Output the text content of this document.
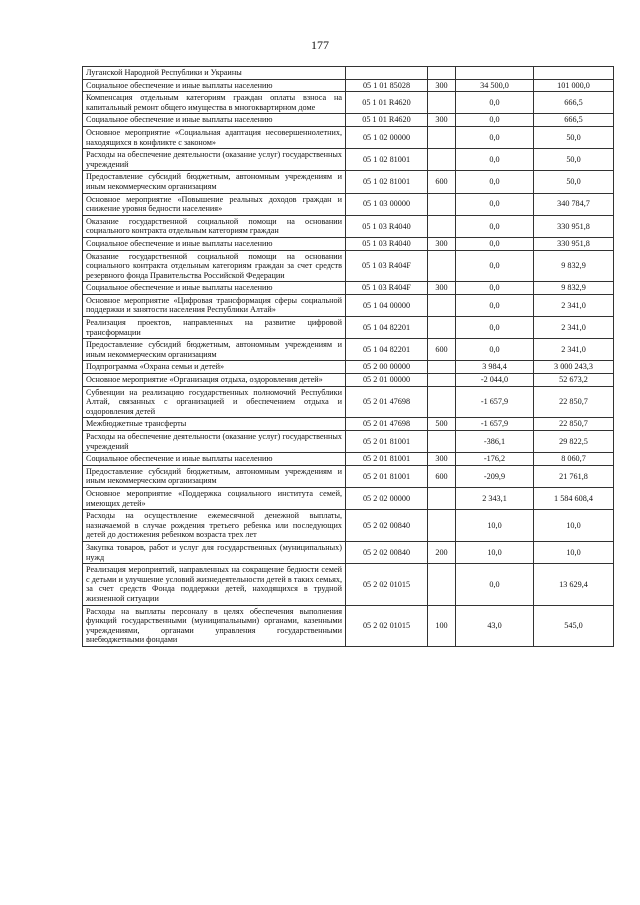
177
Луганской Народной Республики и Украины				
Социальное обеспечение и иные выплаты населению	05 1 01 85028	300	34 500,0	101 000,0
Компенсация отдельным категориям граждан оплаты взноса на капитальный ремонт общего имущества в многоквартирном доме	05 1 01 R4620		0,0	666,5
Социальное обеспечение и иные выплаты населению	05 1 01 R4620	300	0,0	666,5
Основное мероприятие «Социальная адаптация несовершеннолетних, находящихся в конфликте с законом»	05 1 02 00000		0,0	50,0
Расходы на обеспечение деятельности (оказание услуг) государственных учреждений	05 1 02 81001		0,0	50,0
Предоставление субсидий бюджетным, автономным учреждениям и иным некоммерческим организациям	05 1 02 81001	600	0,0	50,0
Основное мероприятие «Повышение реальных доходов граждан и снижение уровня бедности населения»	05 1 03 00000		0,0	340 784,7
Оказание государственной социальной помощи на основании социального контракта отдельным категориям граждан	05 1 03 R4040		0,0	330 951,8
Социальное обеспечение и иные выплаты населению	05 1 03 R4040	300	0,0	330 951,8
Оказание государственной социальной помощи на основании социального контракта отдельным категориям граждан за счет средств резервного фонда Правительства Российской Федерации	05 1 03 R404F		0,0	9 832,9
Социальное обеспечение и иные выплаты населению	05 1 03 R404F	300	0,0	9 832,9
Основное мероприятие «Цифровая трансформация сферы социальной поддержки и занятости населения Республики Алтай»	05 1 04 00000		0,0	2 341,0
Реализация проектов, направленных на развитие цифровой трансформации	05 1 04 82201		0,0	2 341,0
Предоставление субсидий бюджетным, автономным учреждениям и иным некоммерческим организациям	05 1 04 82201	600	0,0	2 341,0
Подпрограмма «Охрана семьи и детей»	05 2 00 00000		3 984,4	3 000 243,3
Основное мероприятие «Организация отдыха, оздоровления детей»	05 2 01 00000		-2 044,0	52 673,2
Субвенции на реализацию государственных полномочий Республики Алтай, связанных с организацией и обеспечением отдыха и оздоровления детей	05 2 01 47698		-1 657,9	22 850,7
Межбюджетные трансферты	05 2 01 47698	500	-1 657,9	22 850,7
Расходы на обеспечение деятельности (оказание услуг) государственных учреждений	05 2 01 81001		-386,1	29 822,5
Социальное обеспечение и иные выплаты населению	05 2 01 81001	300	-176,2	8 060,7
Предоставление субсидий бюджетным, автономным учреждениям и иным некоммерческим организациям	05 2 01 81001	600	-209,9	21 761,8
Основное мероприятие «Поддержка социального института семей, имеющих детей»	05 2 02 00000		2 343,1	1 584 608,4
Расходы на осуществление ежемесячной денежной выплаты, назначаемой в случае рождения третьего ребенка или последующих детей до достижения ребенком возраста трех лет	05 2 02 00840		10,0	10,0
Закупка товаров, работ и услуг для государственных (муниципальных) нужд	05 2 02 00840	200	10,0	10,0
Реализация мероприятий, направленных на сокращение бедности семей с детьми и улучшение условий жизнедеятельности детей в таких семьях, за счет средств Фонда поддержки детей, находящихся в трудной жизненной ситуации	05 2 02 01015		0,0	13 629,4
Расходы на выплаты персоналу в целях обеспечения выполнения функций государственными (муниципальными) органами, казенными учреждениями, органами управления государственными внебюджетными фондами	05 2 02 01015	100	43,0	545,0
